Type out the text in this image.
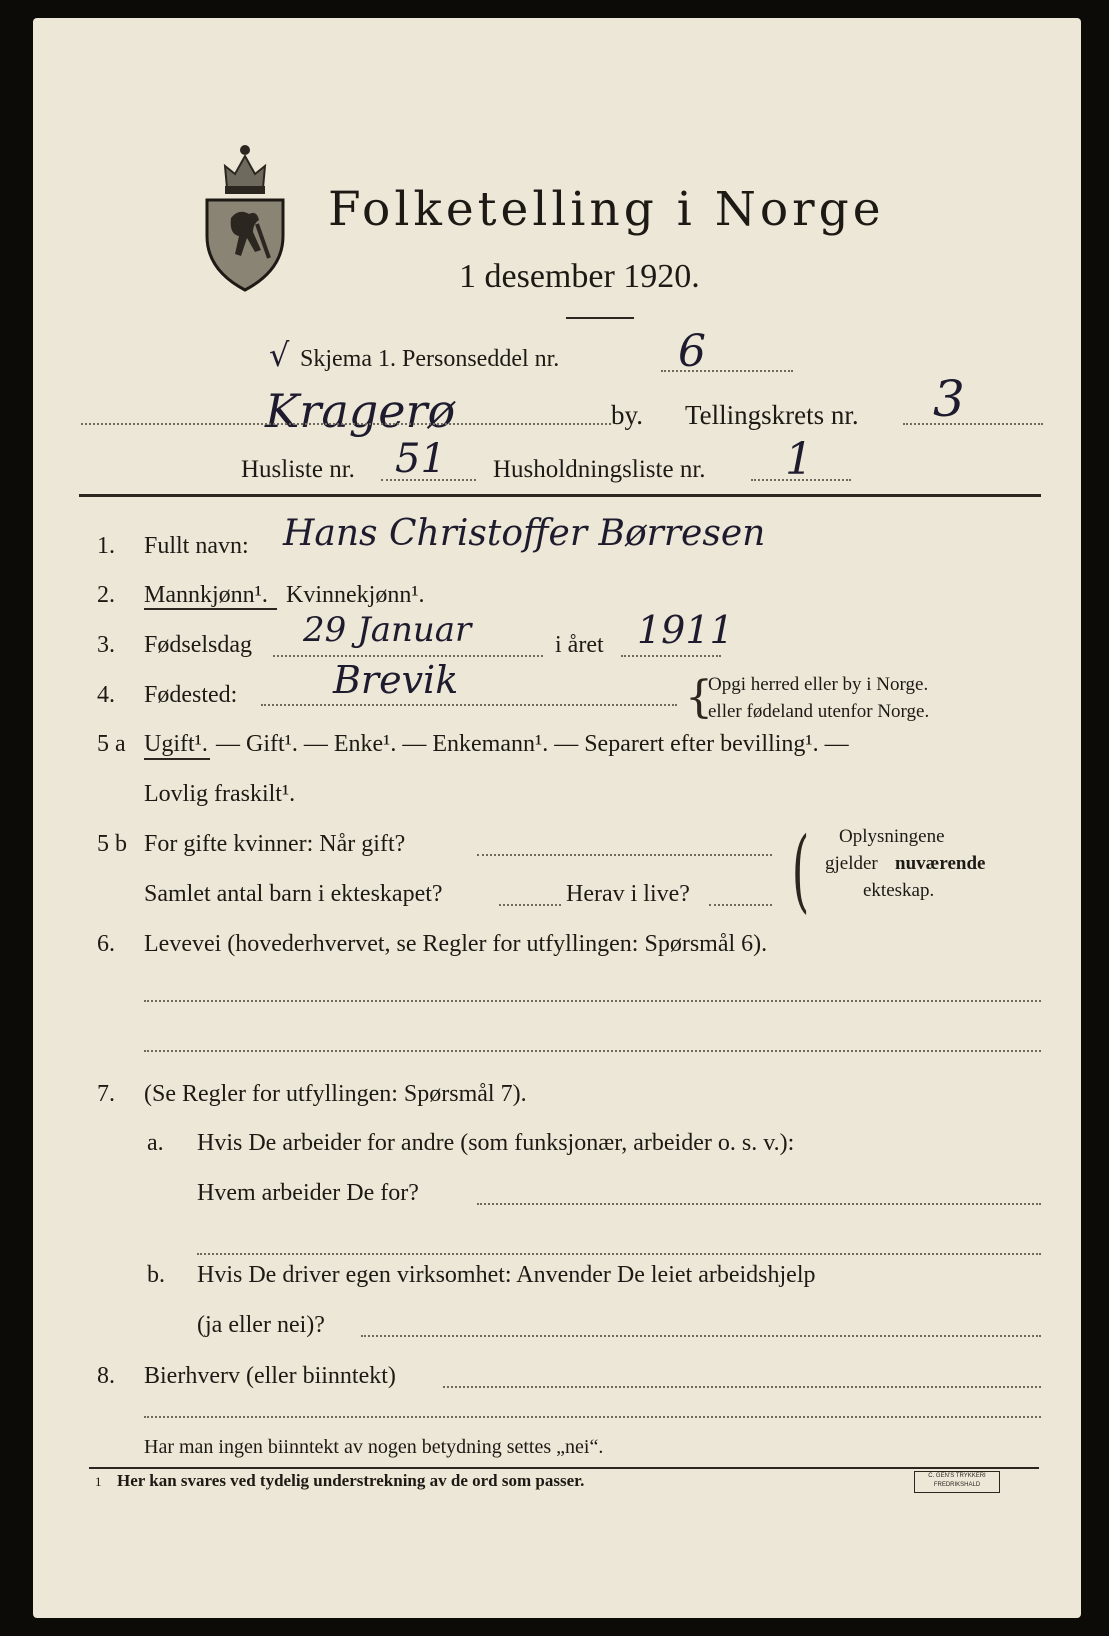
Folketelling i Norge
1 desember 1920.
√ Skjema 1. Personseddel nr.	6
Kragerø	by. Tellingskrets nr. 3
Husliste nr. 51 Husholdningsliste nr. 1
1. Fullt navn: Hans Christoffer Børresen
2. Mannkjønn¹. Kvinnekjønn¹.
3. Fødselsdag 29 Januar	i året 1911
4. Fødested:	Brevik	{
Opgi herred eller by i Norge.
eller fødeland utenfor Norge.
5 a Ugift¹. — Gift¹. — Enke¹. — Enkemann¹. — Separert efter bevilling¹. —
Lovlig fraskilt¹.
5 b For gifte kvinner: Når gift?
Samlet antal barn i ekteskapet?	Herav i live? ( Oplysningene
gjelder nuværende
ekteskap.
6. Levevei (hovederhvervet, se Regler for utfyllingen: Spørsmål 6).
7. (Se Regler for utfyllingen: Spørsmål 7).
a. Hvis De arbeider for andre (som funksjonær, arbeider o. s. v.):
Hvem arbeider De for?
b. Hvis De driver egen virksomhet: Anvender De leiet arbeidshjelp
(ja eller nei)?
8. Bierhverv (eller biinntekt)
Har man ingen biinntekt av nogen betydning settes „nei“.
1 Her kan svares ved tydelig understrekning av de ord som passer.	C. GEN’S TRYKKERI
FREDRIKSHALD
